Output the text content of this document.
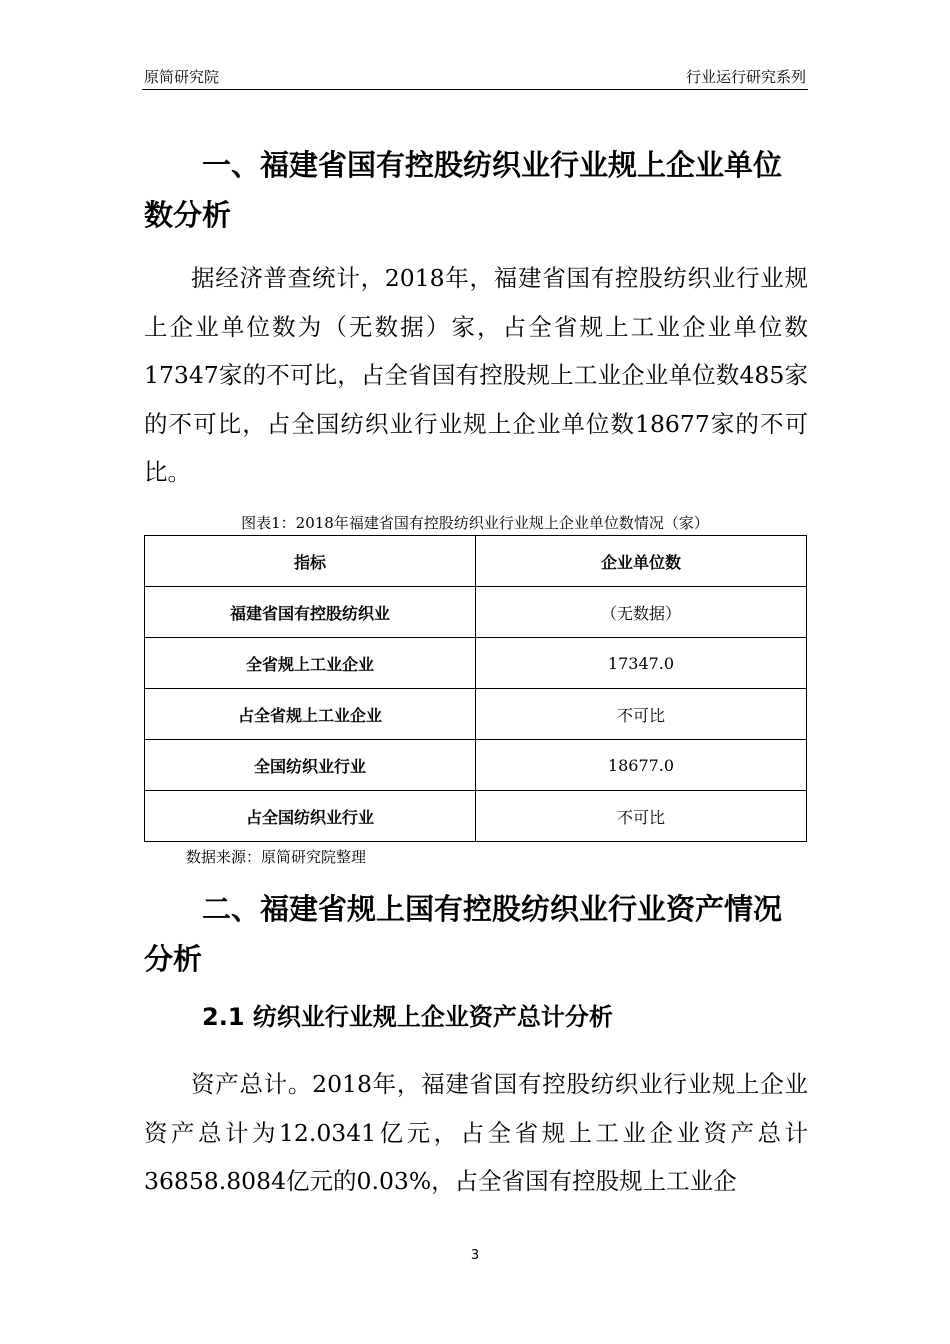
原简研究院	行业运行研究系列
一、福建省国有控股纺织业行业规上企业单位数分析
据经济普查统计，2018年，福建省国有控股纺织业行业规上企业单位数为（无数据）家，占全省规上工业企业单位数17347家的不可比，占全省国有控股规上工业企业单位数485家的不可比，占全国纺织业行业规上企业单位数18677家的不可比。
图表1：2018年福建省国有控股纺织业行业规上企业单位数情况（家）
指标	企业单位数
福建省国有控股纺织业	（无数据）
全省规上工业企业	17347.0
占全省规上工业企业	不可比
全国纺织业行业	18677.0
占全国纺织业行业	不可比
数据来源：原简研究院整理
二、福建省规上国有控股纺织业行业资产情况分析
2.1 纺织业行业规上企业资产总计分析
资产总计。2018年，福建省国有控股纺织业行业规上企业资产总计为12.0341亿元，占全省规上工业企业资产总计36858.8084亿元的0.03%，占全省国有控股规上工业企
3
